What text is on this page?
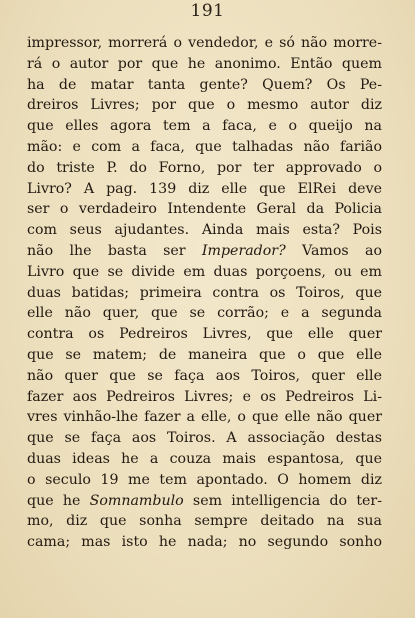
191
impressor, morrerá o vendedor, e só não morre-
rá o autor por que he anonimo. Então quem
ha de matar tanta gente? Quem? Os Pe-
dreiros Livres; por que o mesmo autor diz
que elles agora tem a faca, e o queijo na
mão: e com a faca, que talhadas não farião
do triste P. do Forno, por ter approvado o
Livro? A pag. 139 diz elle que ElRei deve
ser o verdadeiro Intendente Geral da Policia
com seus ajudantes. Ainda mais esta? Pois
não lhe basta ser Imperador? Vamos ao
Livro que se divide em duas porçoens, ou em
duas batidas; primeira contra os Toiros, que
elle não quer, que se corrão; e a segunda
contra os Pedreiros Livres, que elle quer
que se matem; de maneira que o que elle
não quer que se faça aos Toiros, quer elle
fazer aos Pedreiros Livres; e os Pedreiros Li-
vres vinhão-lhe fazer a elle, o que elle não quer
que se faça aos Toiros. A associação destas
duas ideas he a couza mais espantosa, que
o seculo 19 me tem apontado. O homem diz
que he Somnambulo sem intelligencia do ter-
mo, diz que sonha sempre deitado na sua
cama; mas isto he nada; no segundo sonho
